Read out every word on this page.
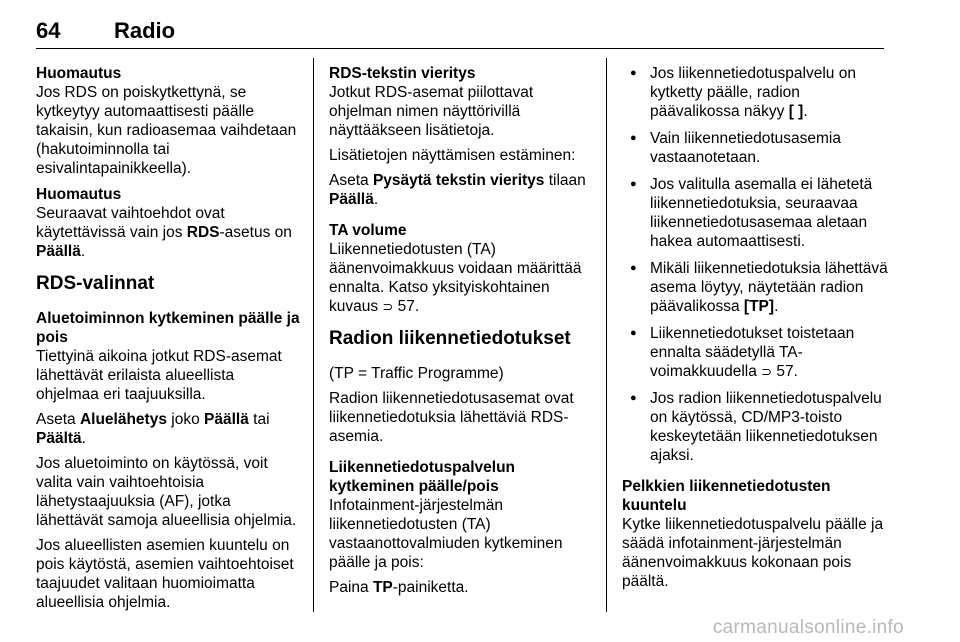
64 Radio

Huomautus

Jos RDS on poiskytkettynä, se kytkeytyy automaattisesti päälle takaisin, kun radioasemaa vaihdetaan (hakutoiminnolla tai esivalintapainikkeella).

Huomautus

Seuraavat vaihtoehdot ovat käytettävissä vain jos RDS-asetus on Päällä.

RDS-valinnat
Aluetoiminnon kytkeminen päälle ja pois

Tiettyinä aikoina jotkut RDS-asemat lähettävät erilaista alueellista ohjelmaa eri taajuuksilla.

Aseta Aluelähetys joko Päällä tai Päältä.

Jos aluetoiminto on käytössä, voit valita vain vaihtoehtoisia lähetystaajuuksia (AF), jotka lähettävät samoja alueellisia ohjelmia.

Jos alueellisten asemien kuuntelu on pois käytöstä, asemien vaihtoehtoiset taajuudet valitaan huomioimatta alueellisia ohjelmia.

RDS-tekstin vieritys

Jotkut RDS-asemat piilottavat ohjelman nimen näyttörivillä näyttääkseen lisätietoja.

Lisätietojen näyttämisen estäminen:

Aseta Pysäytä tekstin vieritys tilaan Päällä.

TA volume

Liikennetiedotusten (TA) äänenvoimakkuus voidaan määrittää ennalta. Katso yksityiskohtainen kuvaus ⊃ 57.

Radion liikennetiedotukset

(TP = Traffic Programme)

Radion liikennetiedotusasemat ovat liikennetiedotuksia lähettäviä RDS-asemia.

Liikennetiedotuspalvelun kytkeminen päälle/pois

Infotainment-järjestelmän liikennetiedotusten (TA) vastaanottovalmiuden kytkeminen päälle ja pois:

Paina TP-painiketta.

● Jos liikennetiedotuspalvelu on kytketty päälle, radion päävalikossa näkyy [ ].
● Vain liikennetiedotusasemia vastaanotetaan.
● Jos valitulla asemalla ei lähetetä liikennetiedotuksia, seuraavaa liikennetiedotusasemaa aletaan hakea automaattisesti.
● Mikäli liikennetiedotuksia lähettävä asema löytyy, näytetään radion päävalikossa [TP].
● Liikennetiedotukset toistetaan ennalta säädetyllä TA-voimakkuudella ⊃ 57.
● Jos radion liikennetiedotuspalvelu on käytössä, CD/MP3-toisto keskeytetään liikennetiedotuksen ajaksi.
Pelkkien liikennetiedotusten kuuntelu

Kytke liikennetiedotuspalvelu päälle ja säädä infotainment-järjestelmän äänenvoimakkuus kokonaan pois päältä.

carmanualsonline.info
